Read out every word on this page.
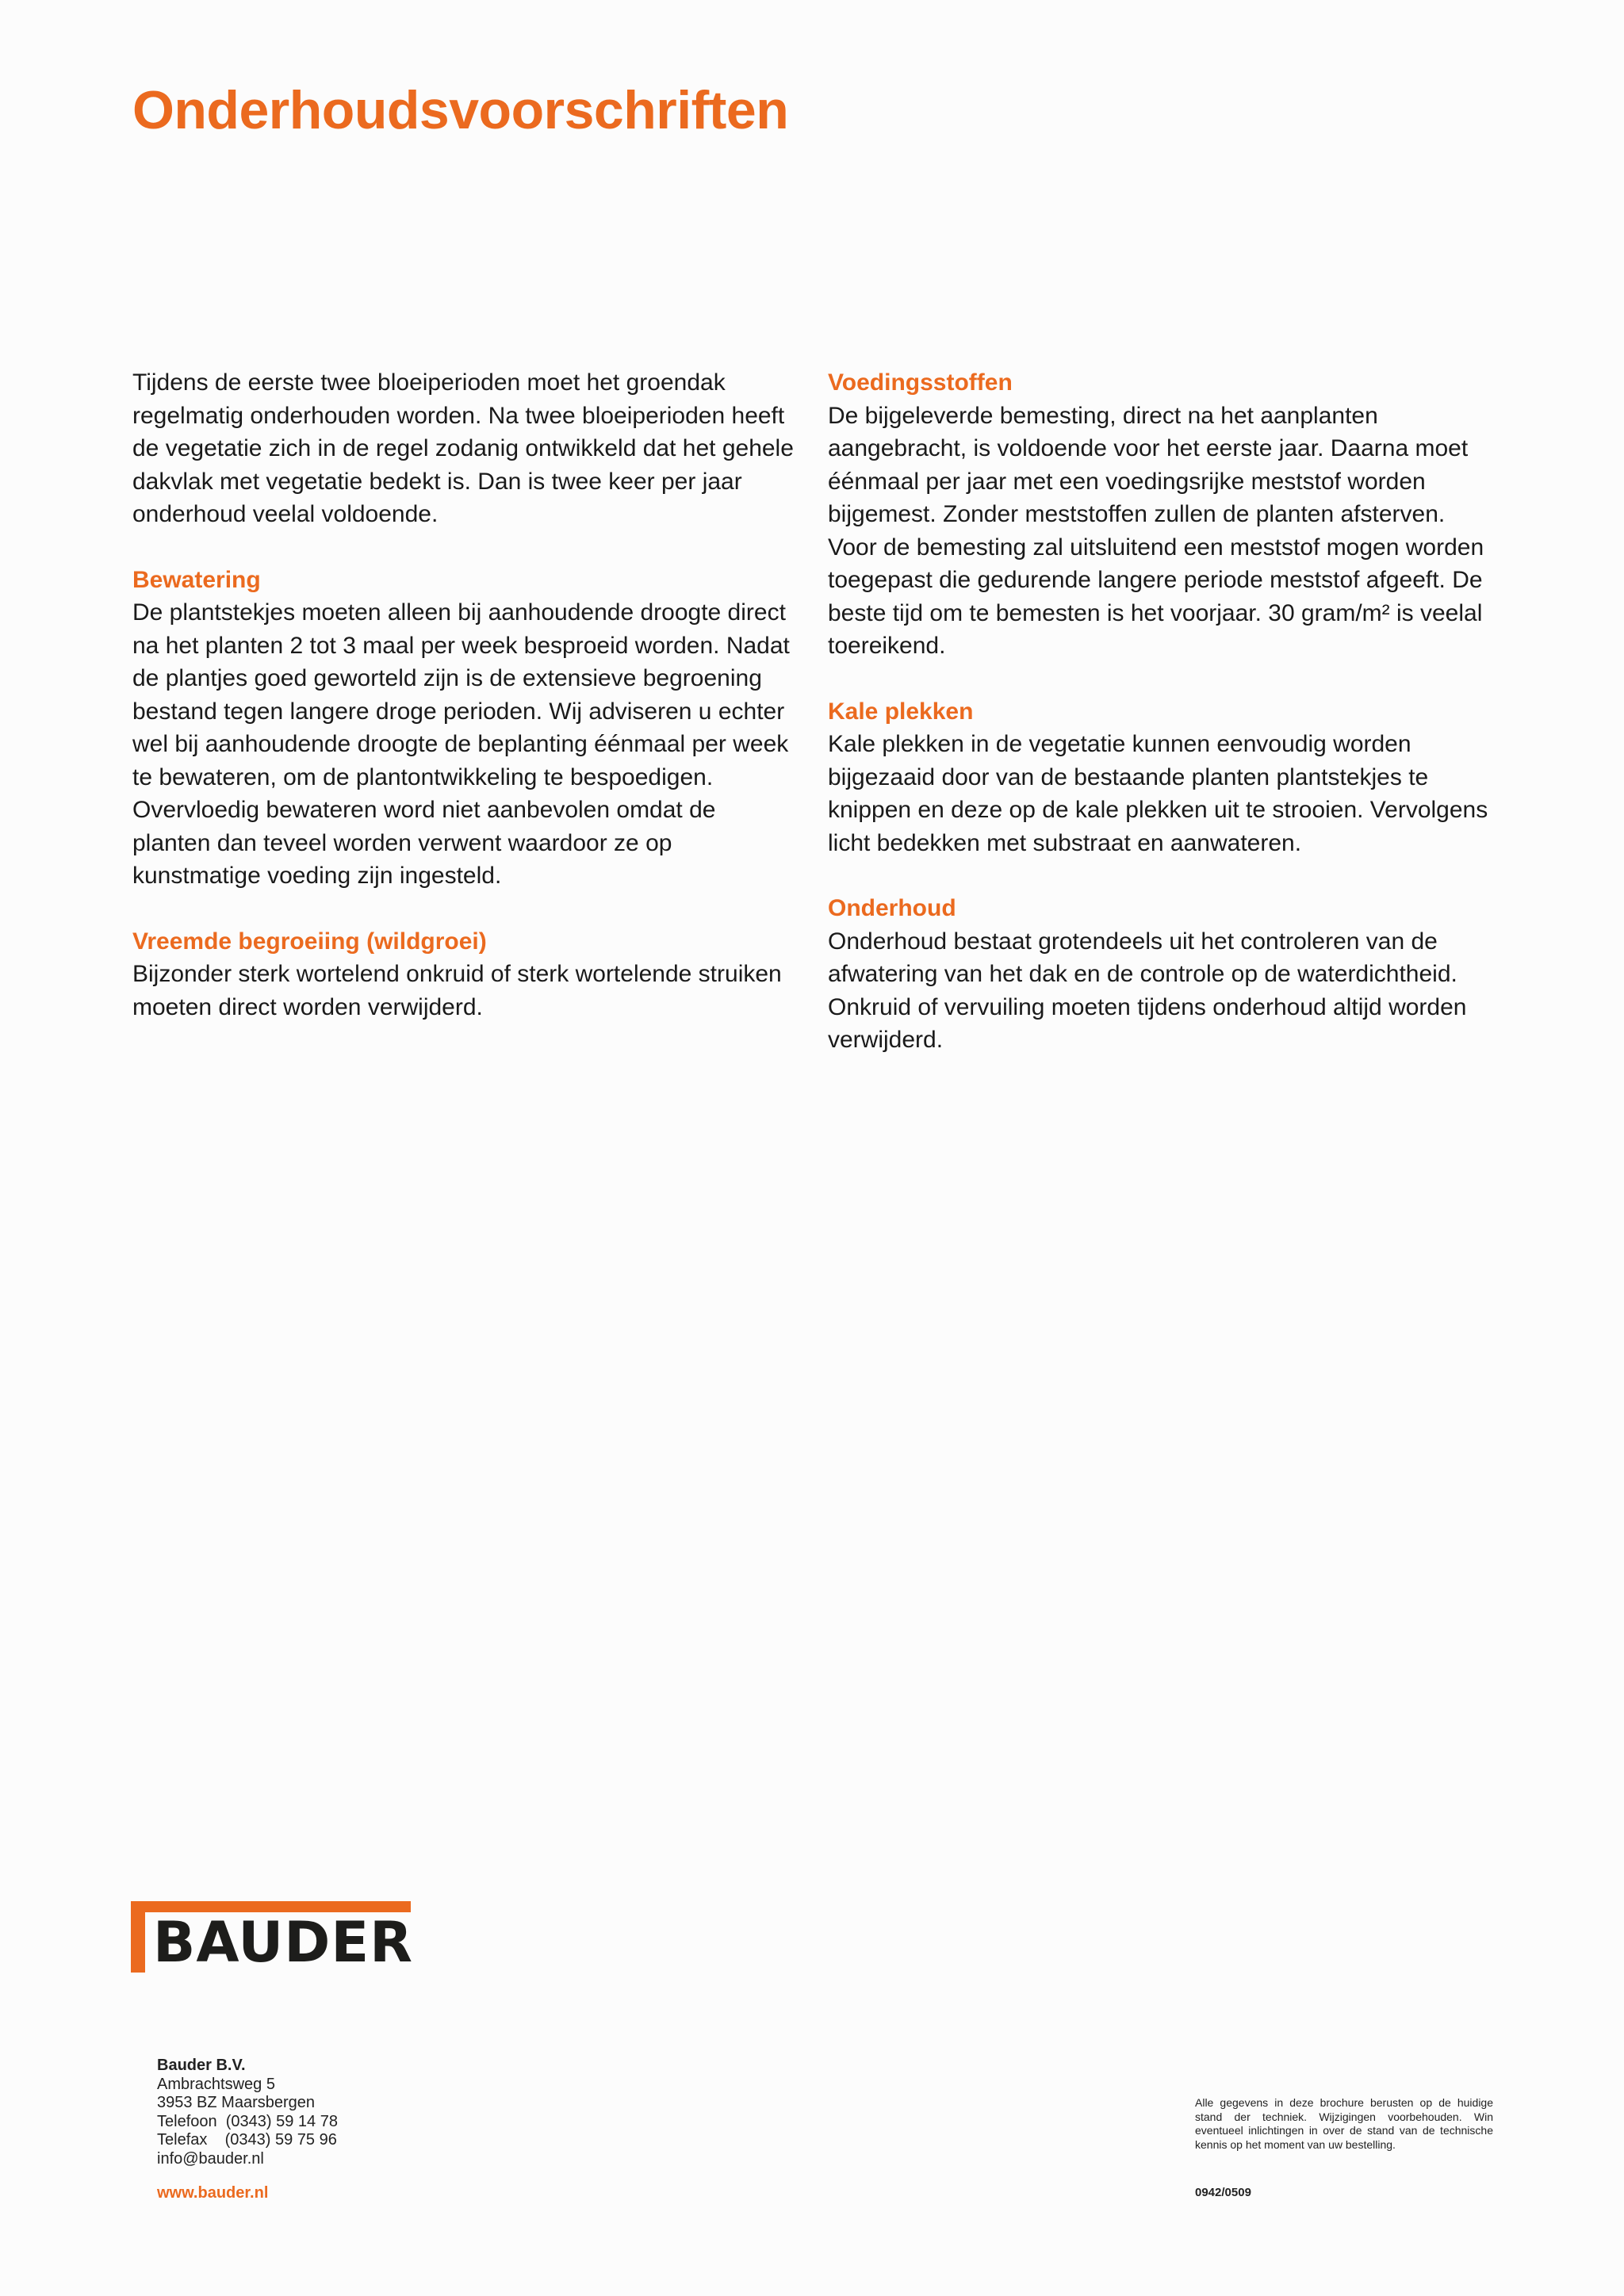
Onderhoudsvoorschriften

Tijdens de eerste twee bloeiperioden moet het groendak regelmatig onderhouden worden. Na twee bloeiperioden heeft de vegetatie zich in de regel zodanig ontwikkeld dat het gehele dakvlak met vegetatie bedekt is. Dan is twee keer per jaar onderhoud veelal voldoende.

Bewatering

De plantstekjes moeten alleen bij aanhoudende droogte direct na het planten 2 tot 3 maal per week besproeid worden. Nadat de plantjes goed geworteld zijn is de extensieve begroening bestand tegen langere droge perioden. Wij adviseren u echter wel bij aanhoudende droogte de beplanting éénmaal per week te bewateren, om de plantontwikkeling te bespoedigen. Overvloedig bewateren word niet aanbevolen omdat de planten dan teveel worden verwent waardoor ze op kunstmatige voeding zijn ingesteld.

Vreemde begroeiing (wildgroei)

Bijzonder sterk wortelend onkruid of sterk wortelende struiken moeten direct worden verwijderd.

Voedingsstoffen

De bijgeleverde bemesting, direct na het aanplanten aangebracht, is voldoende voor het eerste jaar. Daarna moet éénmaal per jaar met een voedingsrijke meststof worden bijgemest. Zonder meststoffen zullen de planten afsterven. Voor de bemesting zal uitsluitend een meststof mogen worden toegepast die gedurende langere periode meststof afgeeft. De beste tijd om te bemesten is het voorjaar. 30 gram/m² is veelal toereikend.

Kale plekken

Kale plekken in de vegetatie kunnen eenvoudig worden bijgezaaid door van de bestaande planten plantstekjes te knippen en deze op de kale plekken uit te strooien. Vervolgens licht bedekken met substraat en aanwateren.

Onderhoud

Onderhoud bestaat grotendeels uit het controleren van de afwatering van het dak en de controle op de waterdichtheid. Onkruid of vervuiling moeten tijdens onderhoud altijd worden verwijderd.

BAUDER
Bauder B.V.
Ambrachtsweg 5
3953 BZ Maarsbergen
Telefoon  (0343) 59 14 78
Telefax    (0343) 59 75 96
info@bauder.nl
www.bauder.nl
Alle gegevens in deze brochure berusten op de huidige stand der techniek. Wijzigingen voorbehouden. Win eventueel inlichtingen in over de stand van de technische kennis op het moment van uw bestelling.
0942/0509
